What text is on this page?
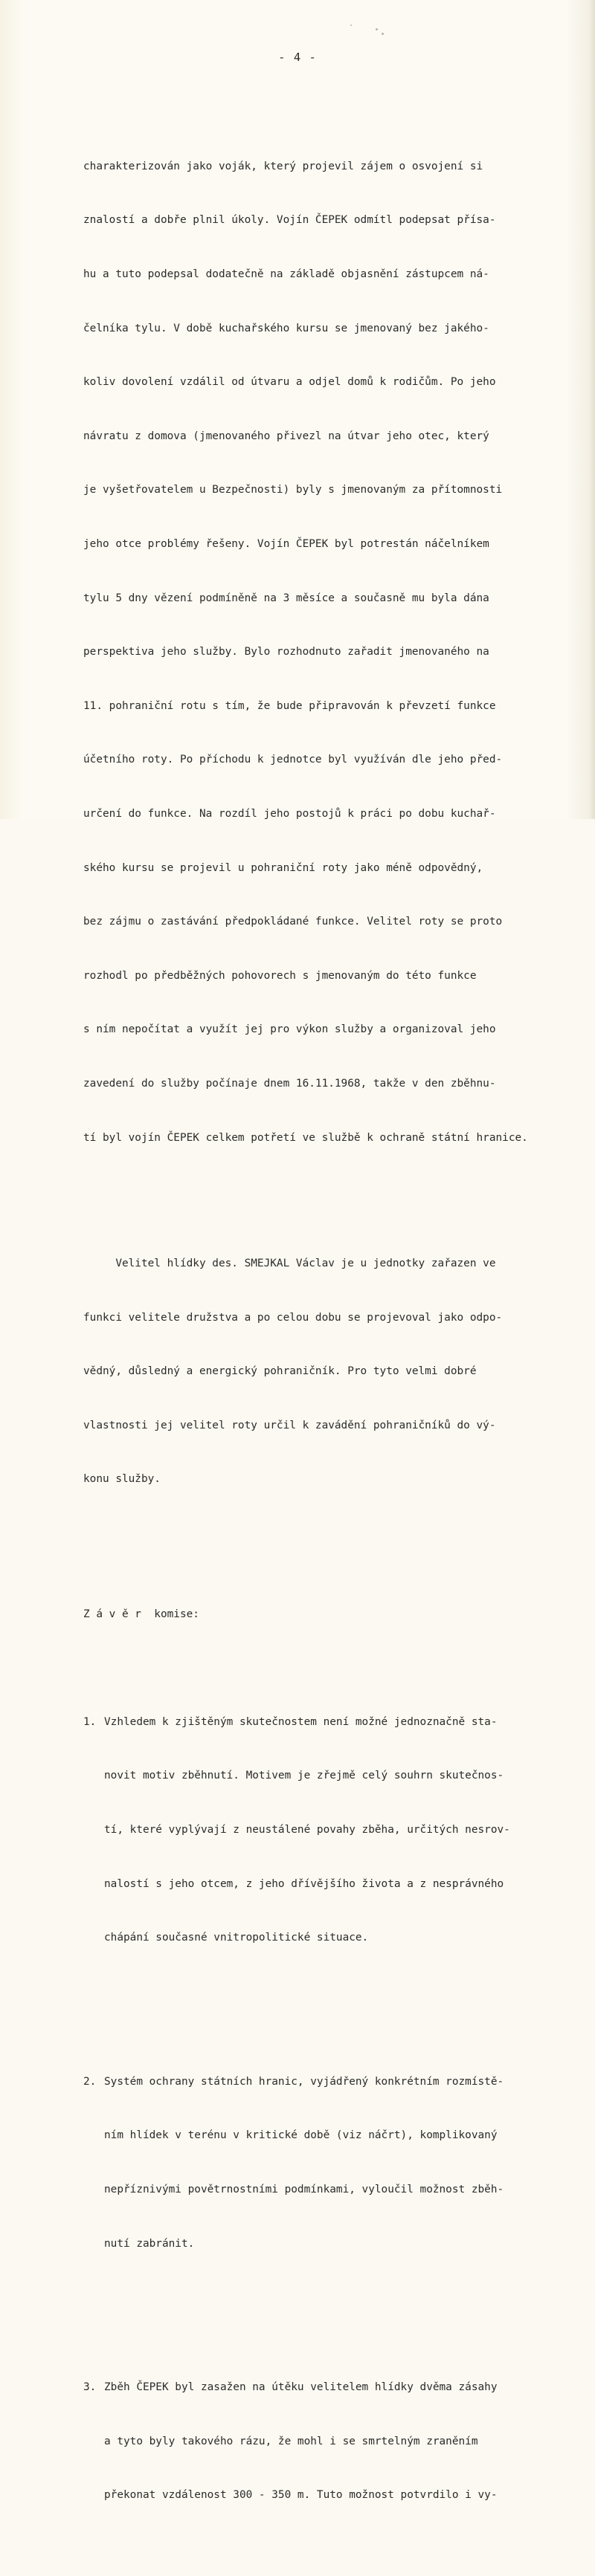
- 4 -

charakterizován jako voják, který projevil zájem o osvojení si

znalostí a dobře plnil úkoly. Vojín ČEPEK odmítl podepsat přísa-

hu a tuto podepsal dodatečně na základě objasnění zástupcem ná-

čelníka tylu. V době kuchařského kursu se jmenovaný bez jakého-

koliv dovolení vzdálil od útvaru a odjel domů k rodičům. Po jeho

návratu z domova (jmenovaného přivezl na útvar jeho otec, který

je vyšetřovatelem u Bezpečnosti) byly s jmenovaným za přítomnosti

jeho otce problémy řešeny. Vojín ČEPEK byl potrestán náčelníkem

tylu 5 dny vězení podmíněně na 3 měsíce a současně mu byla dána

perspektiva jeho služby. Bylo rozhodnuto zařadit jmenovaného na

11. pohraniční rotu s tím, že bude připravován k převzetí funkce

účetního roty. Po příchodu k jednotce byl využíván dle jeho před-

určení do funkce. Na rozdíl jeho postojů k práci po dobu kuchař-

ského kursu se projevil u pohraniční roty jako méně odpovědný,

bez zájmu o zastávání předpokládané funkce. Velitel roty se proto

rozhodl po předběžných pohovorech s jmenovaným do této funkce

s ním nepočítat a využít jej pro výkon služby a organizoval jeho

zavedení do služby počínaje dnem 16.11.1968, takže v den zběhnu-

tí byl vojín ČEPEK celkem potřetí ve službě k ochraně státní hranice.

Velitel hlídky des. SMEJKAL Václav je u jednotky zařazen ve

funkci velitele družstva a po celou dobu se projevoval jako odpo-

vědný, důsledný a energický pohraničník. Pro tyto velmi dobré

vlastnosti jej velitel roty určil k zavádění pohraničníků do vý-

konu služby.

Z á v ě r  komise:

1. Vzhledem k zjištěným skutečnostem není možné jednoznačně sta-

novit motiv zběhnutí. Motivem je zřejmě celý souhrn skutečnos-

tí, které vyplývají z neustálené povahy zběha, určitých nesrov-

nalostí s jeho otcem, z jeho dřívějšího života a z nesprávného

chápání současné vnitropolitické situace.

2. Systém ochrany státních hranic, vyjádřený konkrétním rozmístě-

ním hlídek v terénu v kritické době (viz náčrt), komplikovaný

nepříznivými povětrnostními podmínkami, vyloučil možnost zběh-

nutí zabránit.

3. Zběh ČEPEK byl zasažen na útěku velitelem hlídky dvěma zásahy

a tyto byly takového rázu, že mohl i se smrtelným zraněním

překonat vzdálenost 300 - 350 m. Tuto možnost potvrdilo i vy-
